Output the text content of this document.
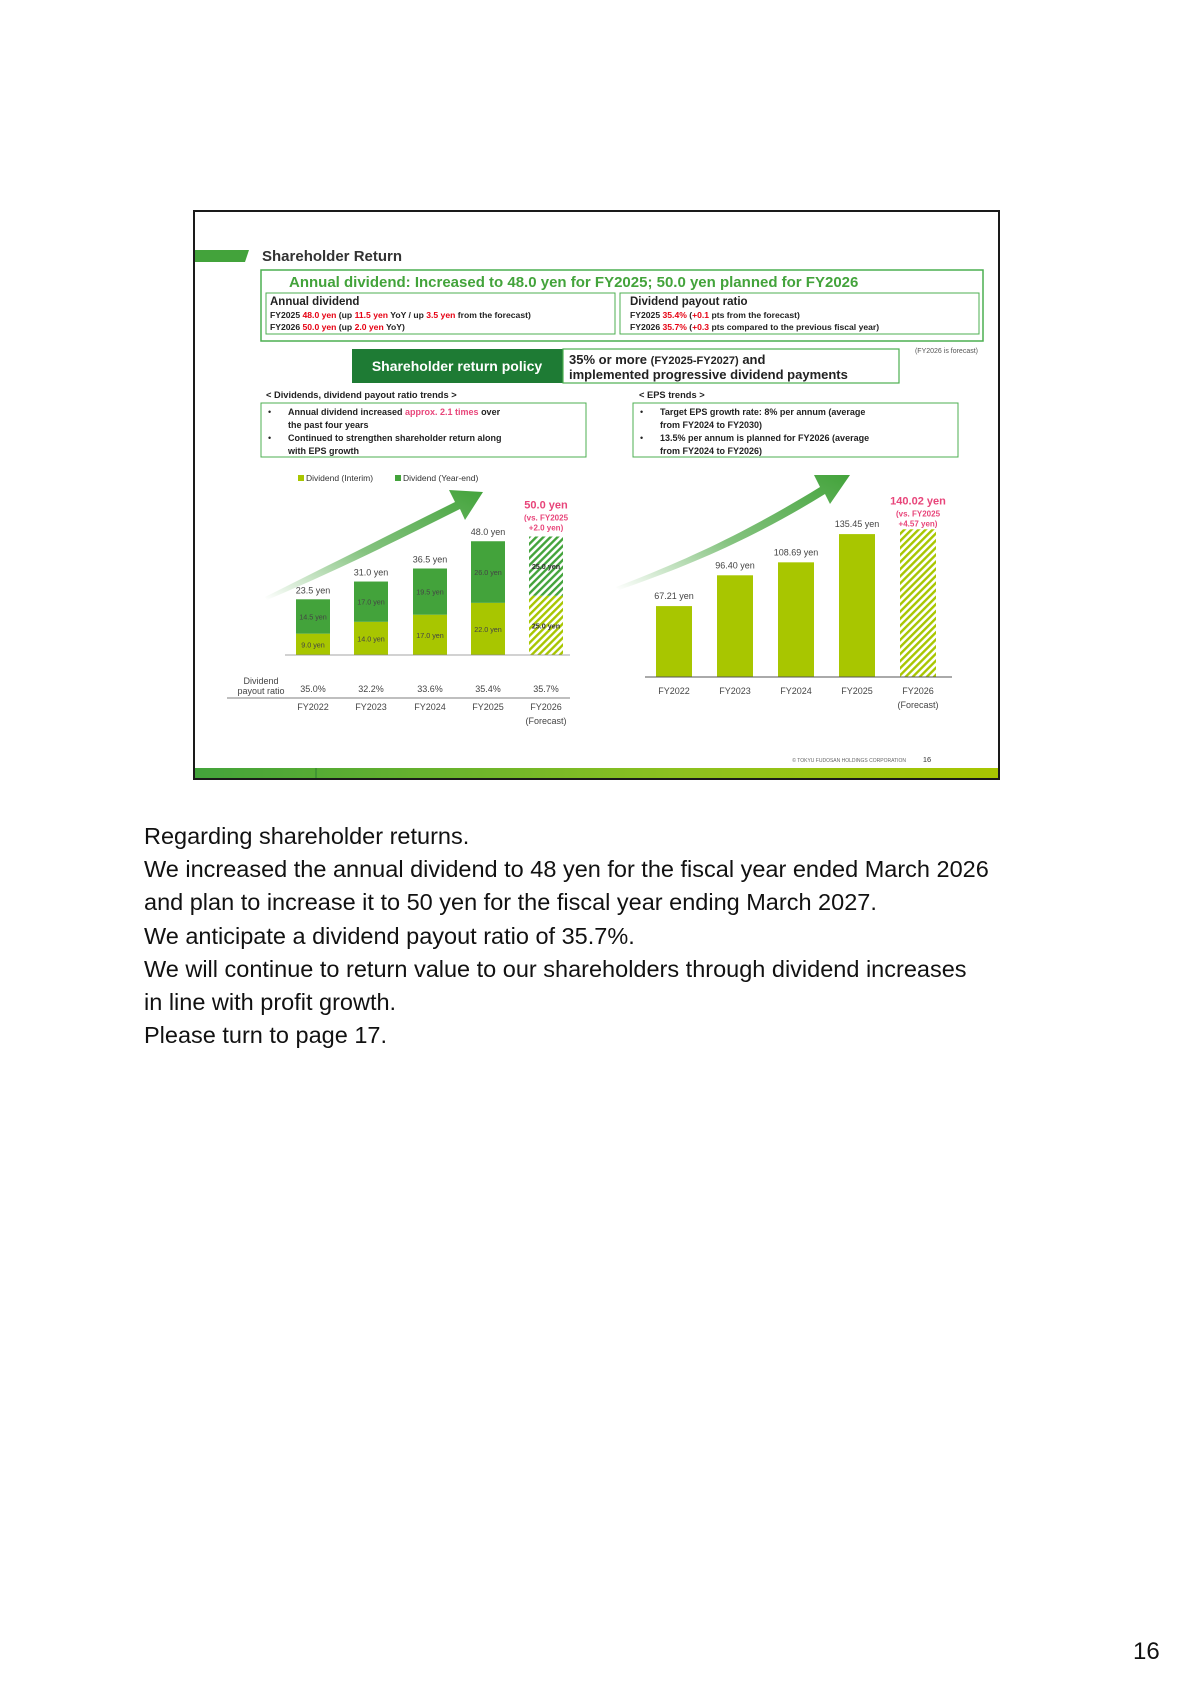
Shareholder Return
Annual dividend: Increased to 48.0 yen for FY2025; 50.0 yen planned for FY2026
Annual dividend
FY2025 48.0 yen (up 11.5 yen YoY / up 3.5 yen from the forecast)
FY2026 50.0 yen (up 2.0 yen YoY)
Dividend payout ratio
FY2025 35.4% (+0.1 pts from the forecast)
FY2026 35.7% (+0.3 pts compared to the previous fiscal year)
(FY2026 is forecast)
Shareholder return policy 35% or more (FY2025-FY2027) and
implemented progressive dividend payments
< Dividends, dividend payout ratio trends >
• Annual dividend increased approx. 2.1 times over
the past four years
• Continued to strengthen shareholder return along
with EPS growth
< EPS trends >
• Target EPS growth rate: 8% per annum (average
from FY2024 to FY2030)
• 13.5% per annum is planned for FY2026 (average
from FY2024 to FY2026)
Dividend (Interim)	Dividend (Year-end)
9.0 yen
14.5 yen
23.5 yen
35.0%
FY2022
14.0 yen
17.0 yen
31.0 yen
32.2%
FY2023
17.0 yen
19.5 yen
36.5 yen
33.6%
FY2024
22.0 yen
26.0 yen
48.0 yen
35.4%
FY2025
25.0 yen
25.0 yen
50.0 yen
(vs. FY2025
+2.0 yen)
35.7%
FY2026
(Forecast)
Dividend
payout ratio
67.21 yen
FY2022
96.40 yen
FY2023
108.69 yen
FY2024
135.45 yen
FY2025
140.02 yen
(vs. FY2025
+4.57 yen)
FY2026
(Forecast)
© TOKYU FUDOSAN HOLDINGS CORPORATION 16
Regarding shareholder returns.
We increased the annual dividend to 48 yen for the fiscal year ended March 2026
and plan to increase it to 50 yen for the fiscal year ending March 2027.
We anticipate a dividend payout ratio of 35.7%.
We will continue to return value to our shareholders through dividend increases
in line with profit growth.
Please turn to page 17.
16
